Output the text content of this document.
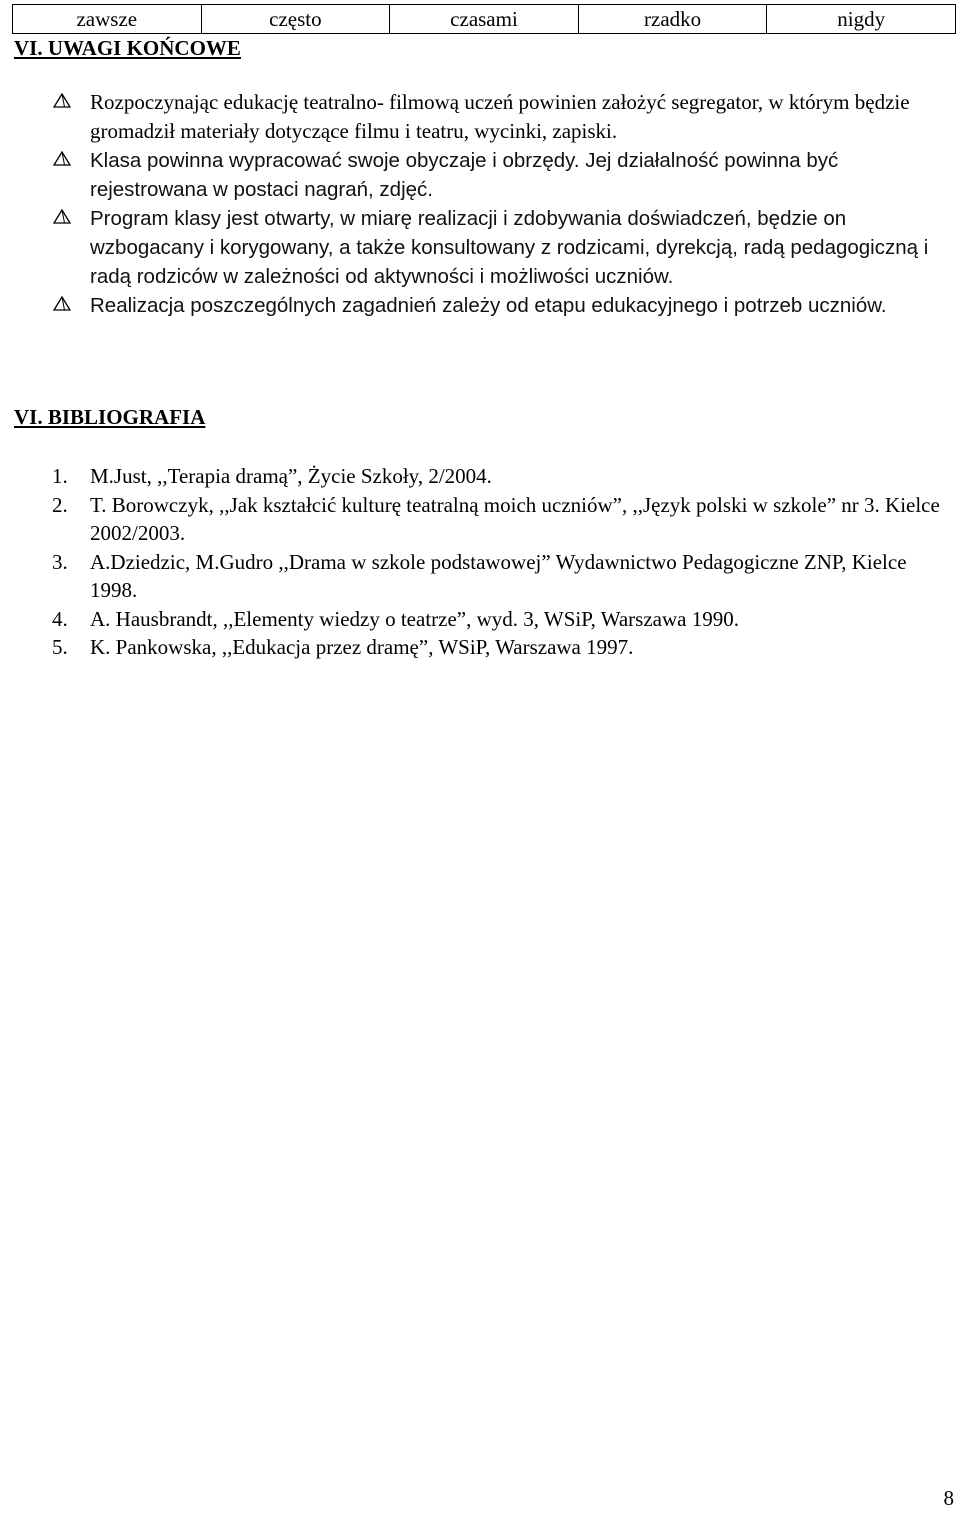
zawsze	często	czasami	rzadko	nigdy
VI. UWAGI KOŃCOWE
Rozpoczynając edukację teatralno- filmową uczeń powinien założyć segregator, w którym będzie gromadził materiały dotyczące filmu i teatru, wycinki, zapiski.
Klasa powinna wypracować swoje obyczaje i obrzędy. Jej działalność powinna być rejestrowana w postaci nagrań, zdjęć.
Program klasy jest otwarty, w miarę realizacji i zdobywania doświadczeń, będzie on wzbogacany i korygowany, a także konsultowany z rodzicami, dyrekcją, radą pedagogiczną i radą rodziców w zależności od aktywności i możliwości uczniów.
Realizacja poszczególnych zagadnień zależy od etapu edukacyjnego i potrzeb uczniów.
VI. BIBLIOGRAFIA
1. M.Just, ,,Terapia dramą”, Życie Szkoły, 2/2004.
2. T. Borowczyk, ,,Jak kształcić kulturę teatralną moich uczniów”, ,,Język polski w szkole” nr 3. Kielce 2002/2003.
3. A.Dziedzic, M.Gudro ,,Drama w szkole podstawowej” Wydawnictwo Pedagogiczne ZNP, Kielce 1998.
4. A. Hausbrandt, ,,Elementy wiedzy o teatrze”, wyd. 3, WSiP, Warszawa 1990.
5. K. Pankowska, ,,Edukacja przez dramę”, WSiP, Warszawa 1997.
8
